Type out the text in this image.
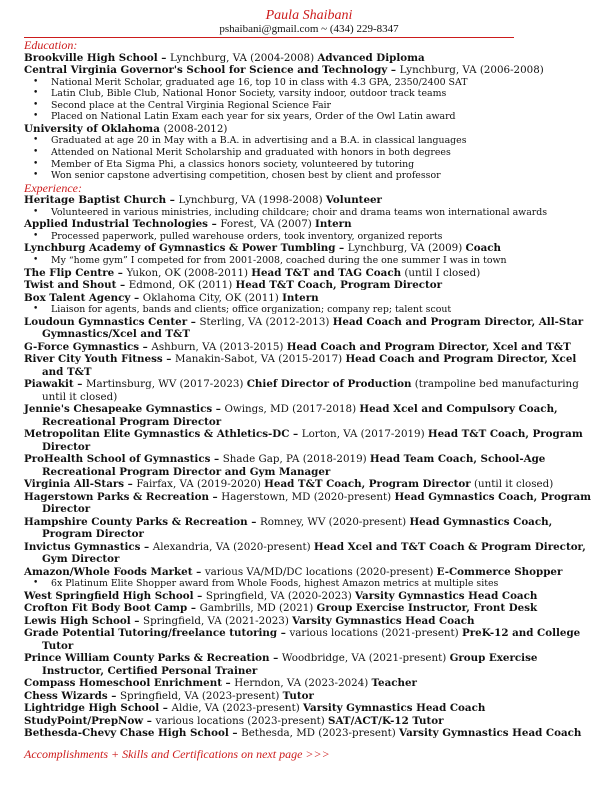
Paula Shaibani
pshaibani@gmail.com ~ (434) 229-8347
Education:
Brookville High School – Lynchburg, VA (2004-2008) Advanced Diploma
Central Virginia Governor's School for Science and Technology – Lynchburg, VA (2006-2008)
• National Merit Scholar, graduated age 16, top 10 in class with 4.3 GPA, 2350/2400 SAT
• Latin Club, Bible Club, National Honor Society, varsity indoor, outdoor track teams
• Second place at the Central Virginia Regional Science Fair
• Placed on National Latin Exam each year for six years, Order of the Owl Latin award
University of Oklahoma (2008-2012)
• Graduated at age 20 in May with a B.A. in advertising and a B.A. in classical languages
• Attended on National Merit Scholarship and graduated with honors in both degrees
• Member of Eta Sigma Phi, a classics honors society, volunteered by tutoring
• Won senior capstone advertising competition, chosen best by client and professor
Experience:
Heritage Baptist Church – Lynchburg, VA (1998-2008) Volunteer
• Volunteered in various ministries, including childcare; choir and drama teams won international awards
Applied Industrial Technologies – Forest, VA (2007) Intern
• Processed paperwork, pulled warehouse orders, took inventory, organized reports
Lynchburg Academy of Gymnastics & Power Tumbling – Lynchburg, VA (2009) Coach
• My “home gym” I competed for from 2001-2008, coached during the one summer I was in town
The Flip Centre – Yukon, OK (2008-2011) Head T&T and TAG Coach (until I closed)
Twist and Shout – Edmond, OK (2011) Head T&T Coach, Program Director
Box Talent Agency – Oklahoma City, OK (2011) Intern
• Liaison for agents, bands and clients; office organization; company rep; talent scout
Loudoun Gymnastics Center – Sterling, VA (2012-2013) Head Coach and Program Director, All-Star Gymnastics/Xcel and T&T
G-Force Gymnastics – Ashburn, VA (2013-2015) Head Coach and Program Director, Xcel and T&T
River City Youth Fitness – Manakin-Sabot, VA (2015-2017) Head Coach and Program Director, Xcel and T&T
Piawakit – Martinsburg, WV (2017-2023) Chief Director of Production (trampoline bed manufacturing until it closed)
Jennie's Chesapeake Gymnastics – Owings, MD (2017-2018) Head Xcel and Compulsory Coach, Recreational Program Director
Metropolitan Elite Gymnastics & Athletics-DC – Lorton, VA (2017-2019) Head T&T Coach, Program Director
ProHealth School of Gymnastics – Shade Gap, PA (2018-2019) Head Team Coach, School-Age Recreational Program Director and Gym Manager
Virginia All-Stars – Fairfax, VA (2019-2020) Head T&T Coach, Program Director (until it closed)
Hagerstown Parks & Recreation – Hagerstown, MD (2020-present) Head Gymnastics Coach, Program Director
Hampshire County Parks & Recreation – Romney, WV (2020-present) Head Gymnastics Coach, Program Director
Invictus Gymnastics – Alexandria, VA (2020-present) Head Xcel and T&T Coach & Program Director, Gym Director
Amazon/Whole Foods Market – various VA/MD/DC locations (2020-present) E-Commerce Shopper
• 6x Platinum Elite Shopper award from Whole Foods, highest Amazon metrics at multiple sites
West Springfield High School – Springfield, VA (2020-2023) Varsity Gymnastics Head Coach
Crofton Fit Body Boot Camp – Gambrills, MD (2021) Group Exercise Instructor, Front Desk
Lewis High School – Springfield, VA (2021-2023) Varsity Gymnastics Head Coach
Grade Potential Tutoring/freelance tutoring – various locations (2021-present) PreK-12 and College Tutor
Prince William County Parks & Recreation – Woodbridge, VA (2021-present) Group Exercise Instructor, Certified Personal Trainer
Compass Homeschool Enrichment – Herndon, VA (2023-2024) Teacher
Chess Wizards – Springfield, VA (2023-present) Tutor
Lightridge High School – Aldie, VA (2023-present) Varsity Gymnastics Head Coach
StudyPoint/PrepNow – various locations (2023-present) SAT/ACT/K-12 Tutor
Bethesda-Chevy Chase High School – Bethesda, MD (2023-present) Varsity Gymnastics Head Coach
Accomplishments + Skills and Certifications on next page >>>
